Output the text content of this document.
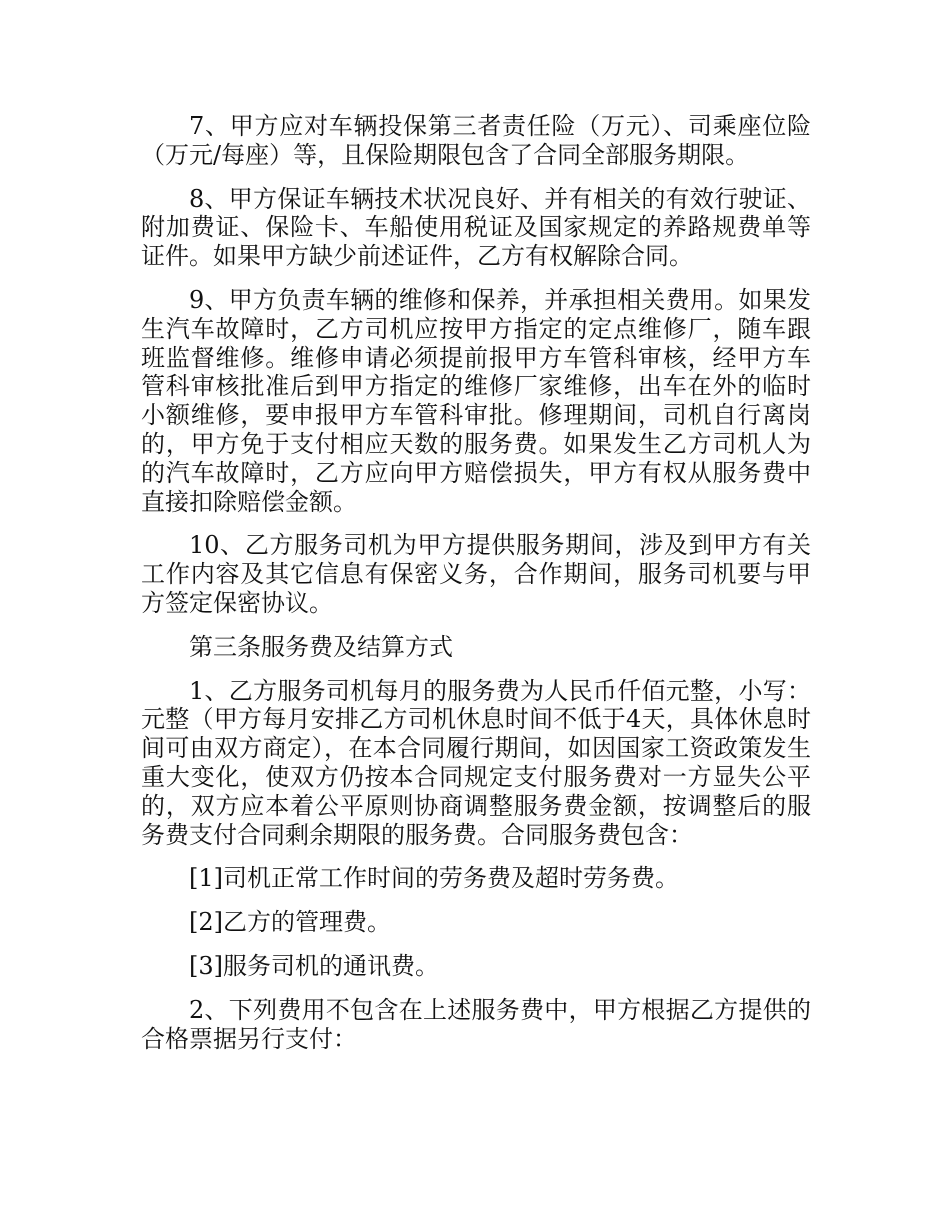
7、甲方应对车辆投保第三者责任险（万元）、司乘座位险（万元/每座）等，且保险期限包含了合同全部服务期限。

8、甲方保证车辆技术状况良好、并有相关的有效行驶证、附加费证、保险卡、车船使用税证及国家规定的养路规费单等证件。如果甲方缺少前述证件，乙方有权解除合同。

9、甲方负责车辆的维修和保养，并承担相关费用。如果发生汽车故障时，乙方司机应按甲方指定的定点维修厂，随车跟班监督维修。维修申请必须提前报甲方车管科审核，经甲方车管科审核批准后到甲方指定的维修厂家维修，出车在外的临时小额维修，要申报甲方车管科审批。修理期间，司机自行离岗的，甲方免于支付相应天数的服务费。如果发生乙方司机人为的汽车故障时，乙方应向甲方赔偿损失，甲方有权从服务费中直接扣除赔偿金额。

10、乙方服务司机为甲方提供服务期间，涉及到甲方有关工作内容及其它信息有保密义务，合作期间，服务司机要与甲方签定保密协议。

第三条服务费及结算方式

1、乙方服务司机每月的服务费为人民币仟佰元整，小写：元整（甲方每月安排乙方司机休息时间不低于4天，具体休息时间可由双方商定），在本合同履行期间，如因国家工资政策发生重大变化，使双方仍按本合同规定支付服务费对一方显失公平的，双方应本着公平原则协商调整服务费金额，按调整后的服务费支付合同剩余期限的服务费。合同服务费包含：

[1]司机正常工作时间的劳务费及超时劳务费。

[2]乙方的管理费。

[3]服务司机的通讯费。

2、下列费用不包含在上述服务费中，甲方根据乙方提供的合格票据另行支付：
